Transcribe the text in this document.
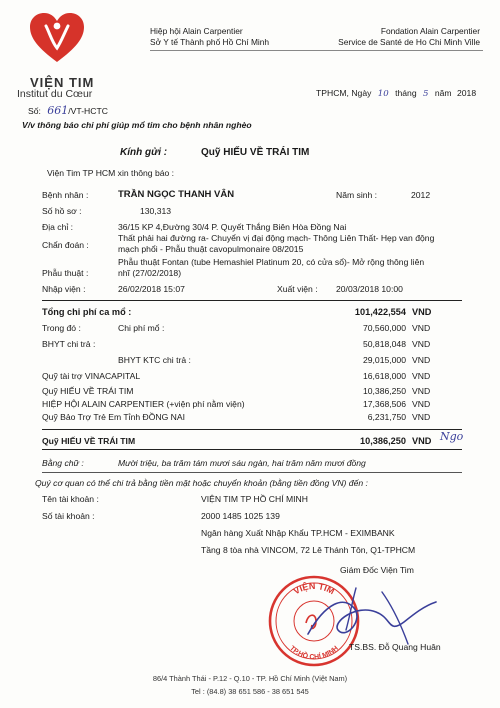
VIỆN TIM
Institut du Cœur
Hiệp hội Alain Carpentier
Sở Y tế Thành phố Hồ Chí Minh
Fondation Alain Carpentier
Service de Santé de Ho Chi Minh Ville
Số: 661/VT-HCTC
TPHCM, Ngày 10 tháng 5 năm 2018
V/v thông báo chi phí giúp mổ tim cho bệnh nhân nghèo
Kính gửi :	Quỹ HIẾU VỀ TRÁI TIM
Viện Tim TP HCM xin thông báo :
Bệnh nhân :	TRẦN NGỌC THANH VÂN	Năm sinh :	2012
Số hồ sơ :	130,313
Địa chỉ :	36/15 KP 4,Đường 30/4 P. Quyết Thắng Biên Hòa Đồng Nai
Chẩn đoán :
Thất phải hai đường ra- Chuyển vị đại động mạch- Thông Liên Thất- Hẹp van động
mạch phổi - Phẫu thuật cavopulmonaire 08/2015
Phẫu thuật :
Phẫu thuật Fontan (tube Hemashiel Platinum 20, có cửa sổ)- Mở rộng thông liên
nhĩ (27/02/2018)
Nhập viện :	26/02/2018 15:07	Xuất viện : 20/03/2018 10:00
Tổng chi phí ca mổ :	101,422,554 VND
Trong đó :	Chi phí mổ :	70,560,000 VND
BHYT chi trả :	50,818,048 VND
BHYT KTC chi trả :	29,015,000 VND
Quỹ tài trợ VINACAPITAL	16,618,000 VND
Quỹ HIẾU VỀ TRÁI TIM	10,386,250 VND
HIỆP HỘI ALAIN CARPENTIER (+viện phí nằm viện)	17,368,506 VND
Quỹ Bảo Trợ Trẻ Em Tỉnh ĐỒNG NAI	6,231,750 VND
Quỹ HIẾU VỀ TRÁI TIM	10,386,250 VND Ngo
Bằng chữ :	Mười triệu, ba trăm tám mươi sáu ngàn, hai trăm năm mươi đồng
Quý cơ quan có thể chi trả bằng tiền mặt hoặc chuyển khoản (bằng tiền đồng VN) đến :
Tên tài khoản :	VIỆN TIM TP HỒ CHÍ MINH
Số tài khoản :	2000 1485 1025 139
Ngân hàng Xuất Nhập Khẩu TP.HCM - EXIMBANK
Tầng 8 tòa nhà VINCOM, 72 Lê Thánh Tôn, Q1-TPHCM
Giám Đốc Viện Tim
VIỆN TIM
TP.HỒ CHÍ MINH TS.BS. Đỗ Quang Huân
86/4 Thành Thái - P.12 - Q.10 - TP. Hồ Chí Minh (Việt Nam)
Tel : (84.8) 38 651 586 - 38 651 545
